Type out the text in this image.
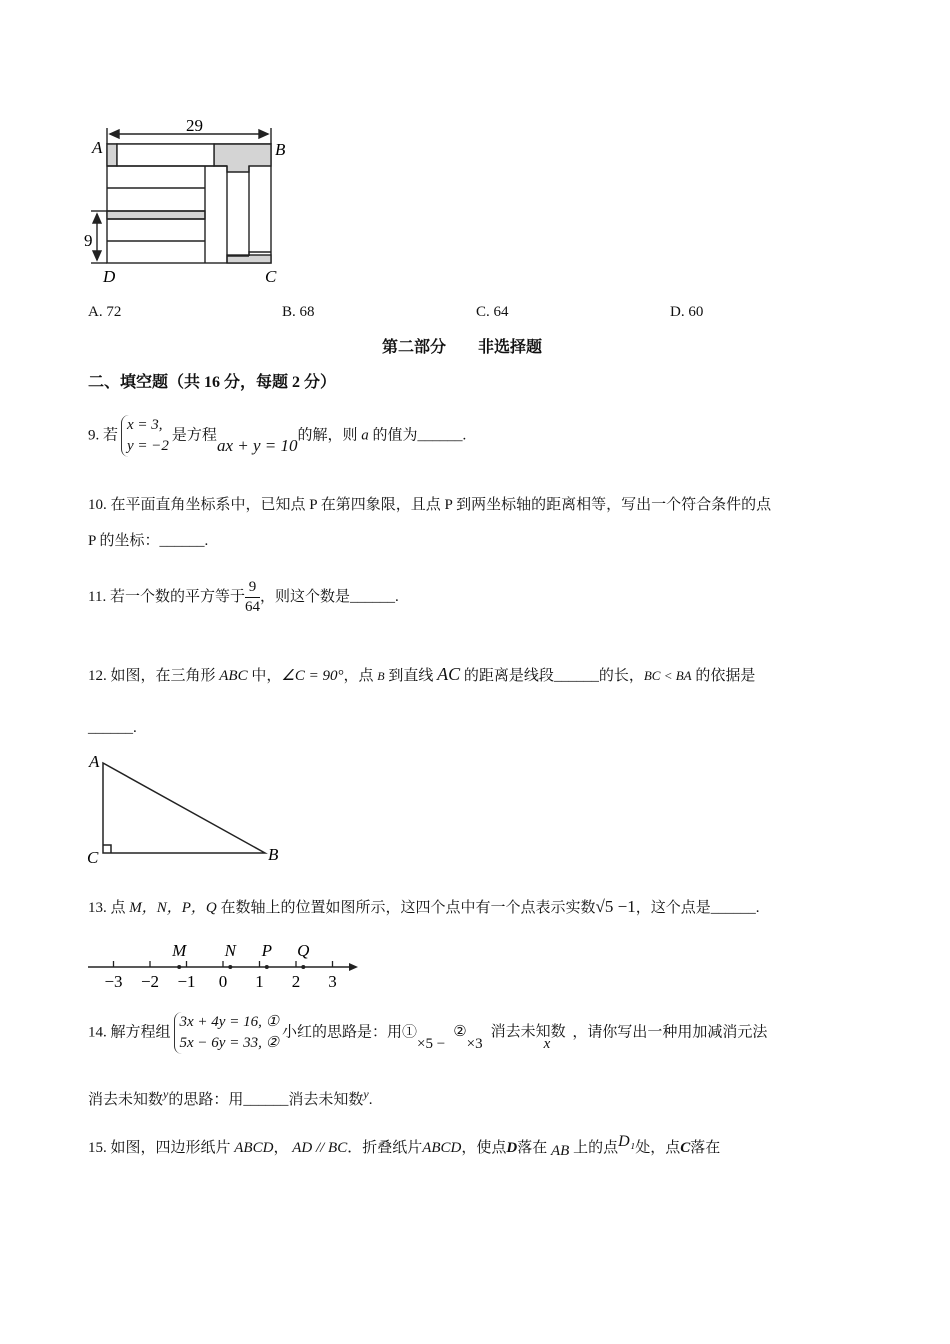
29
9
A	B
D	C
A
C	B
−3 −2 −1 0 1 2 3
M N P Q
A. 72	B. 68	C. 64	D. 60
第二部分　　非选择题
二、填空题（共 16 分，每题 2 分）
9. 若
x = 3,
y = −2
是方程ax + y = 10的解，则 a 的值为______.
10. 在平面直角坐标系中，已知点 P 在第四象限，且点 P 到两坐标轴的距离相等，写出一个符合条件的点
P 的坐标：______.
11. 若一个数的平方等于 $\frac{9}{64}$ ，则这个数是______.
12. 如图，在三角形 ABC 中，∠C = 90°，点 B 到直线 AC 的距离是线段______的长，BC < BA 的依据是
______.
13. 点 M，N，P，Q 在数轴上的位置如图所示，这四个点中有一个点表示实数√5 −1，这个点是______.
14. 解方程组
3x + 4y = 16, ①
5x − 6y = 33, ②
小红的思路是：用①×5 −②×3消去未知数x，请你写出一种用加减消元法
消去未知数y的思路：用______消去未知数y.
15. 如图，四边形纸片 ABCD， AD // BC．折叠纸片ABCD，使点D落在 AB 上的点D₁处，点C落在
